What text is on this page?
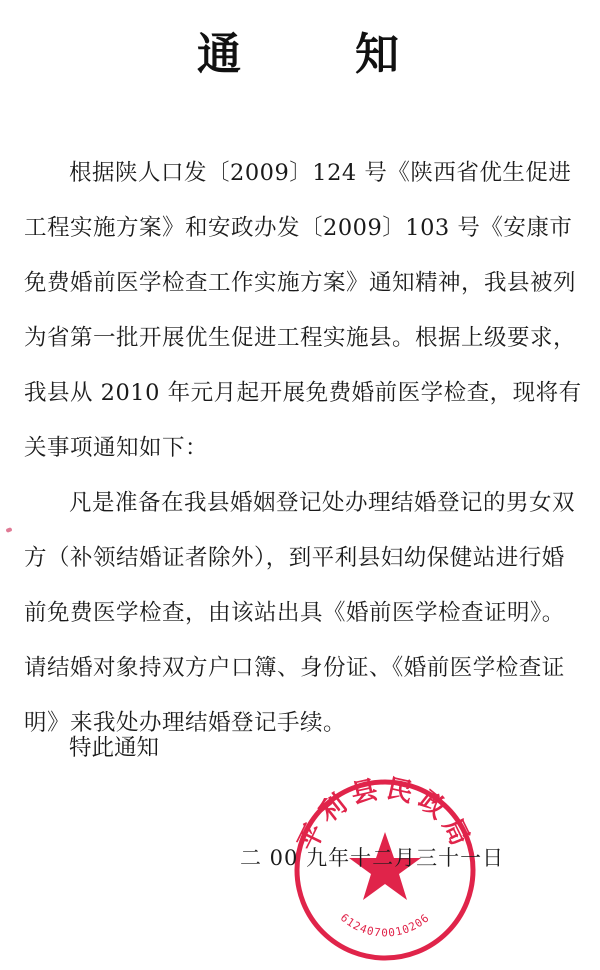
通	知

根据陕人口发〔2009〕124 号《陕西省优生促进工程实施方案》和安政办发〔2009〕103 号《安康市免费婚前医学检查工作实施方案》通知精神，我县被列为省第一批开展优生促进工程实施县。根据上级要求，我县从 2010 年元月起开展免费婚前医学检查，现将有关事项通知如下：

凡是准备在我县婚姻登记处办理结婚登记的男女双方（补领结婚证者除外），到平利县妇幼保健站进行婚前免费医学检查，由该站出具《婚前医学检查证明》。请结婚对象持双方户口簿、身份证、《婚前医学检查证明》来我处办理结婚登记手续。

特此通知
平利县民政局
6124070010206
二 00 九年十二月三十一日
